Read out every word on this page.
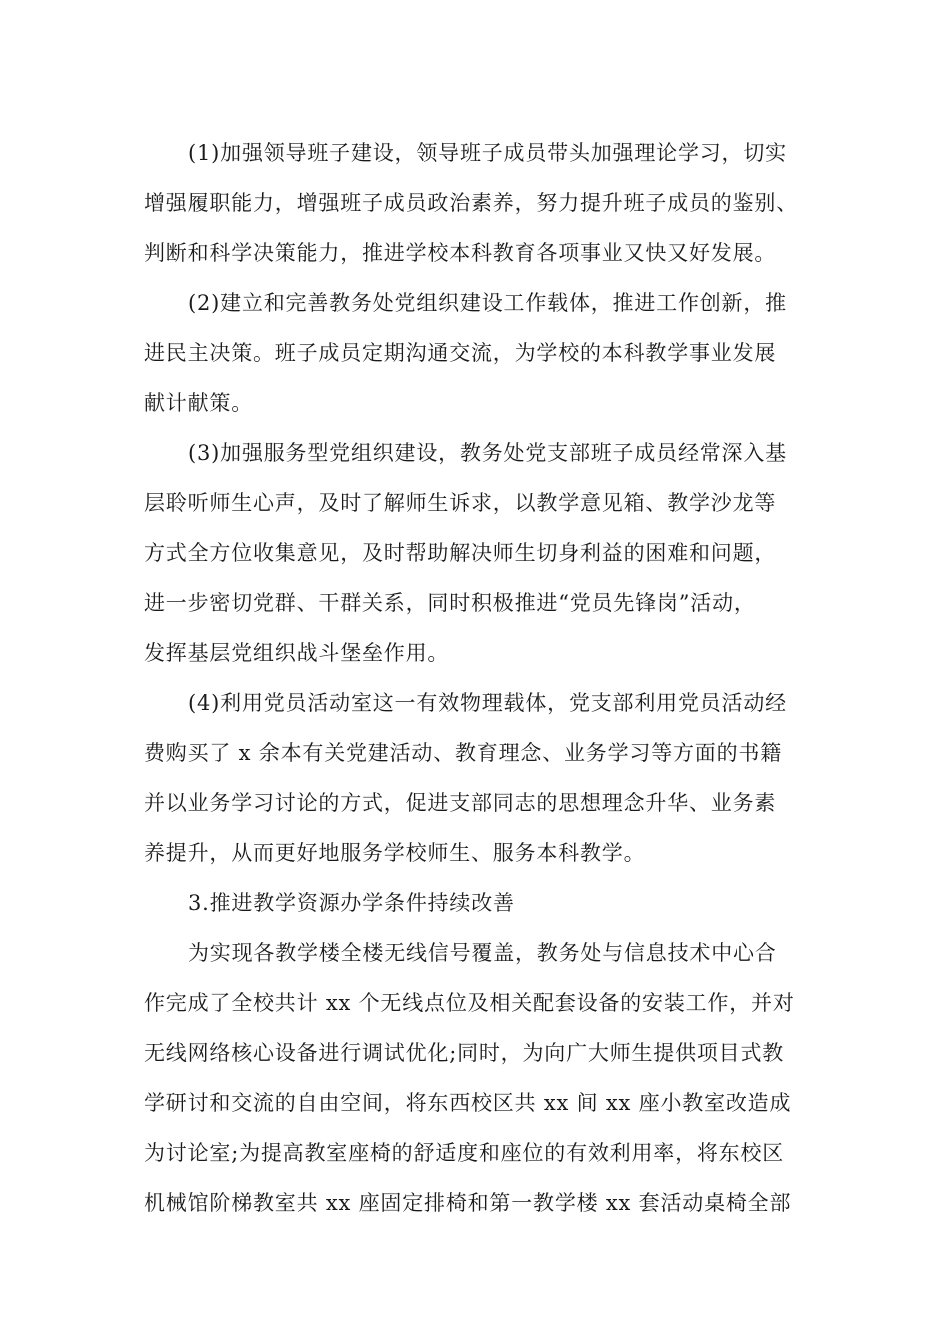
(1)加强领导班子建设，领导班子成员带头加强理论学习，切实
增强履职能力，增强班子成员政治素养，努力提升班子成员的鉴别、
判断和科学决策能力，推进学校本科教育各项事业又快又好发展。

(2)建立和完善教务处党组织建设工作载体，推进工作创新，推
进民主决策。班子成员定期沟通交流，为学校的本科教学事业发展
献计献策。

(3)加强服务型党组织建设，教务处党支部班子成员经常深入基
层聆听师生心声，及时了解师生诉求，以教学意见箱、教学沙龙等
方式全方位收集意见，及时帮助解决师生切身利益的困难和问题，
进一步密切党群、干群关系，同时积极推进“党员先锋岗”活动，
发挥基层党组织战斗堡垒作用。

(4)利用党员活动室这一有效物理载体，党支部利用党员活动经
费购买了 x 余本有关党建活动、教育理念、业务学习等方面的书籍
并以业务学习讨论的方式，促进支部同志的思想理念升华、业务素
养提升，从而更好地服务学校师生、服务本科教学。

3.推进教学资源办学条件持续改善

为实现各教学楼全楼无线信号覆盖，教务处与信息技术中心合
作完成了全校共计 xx 个无线点位及相关配套设备的安装工作，并对
无线网络核心设备进行调试优化;同时，为向广大师生提供项目式教
学研讨和交流的自由空间，将东西校区共 xx 间 xx 座小教室改造成
为讨论室;为提高教室座椅的舒适度和座位的有效利用率，将东校区
机械馆阶梯教室共 xx 座固定排椅和第一教学楼 xx 套活动桌椅全部
